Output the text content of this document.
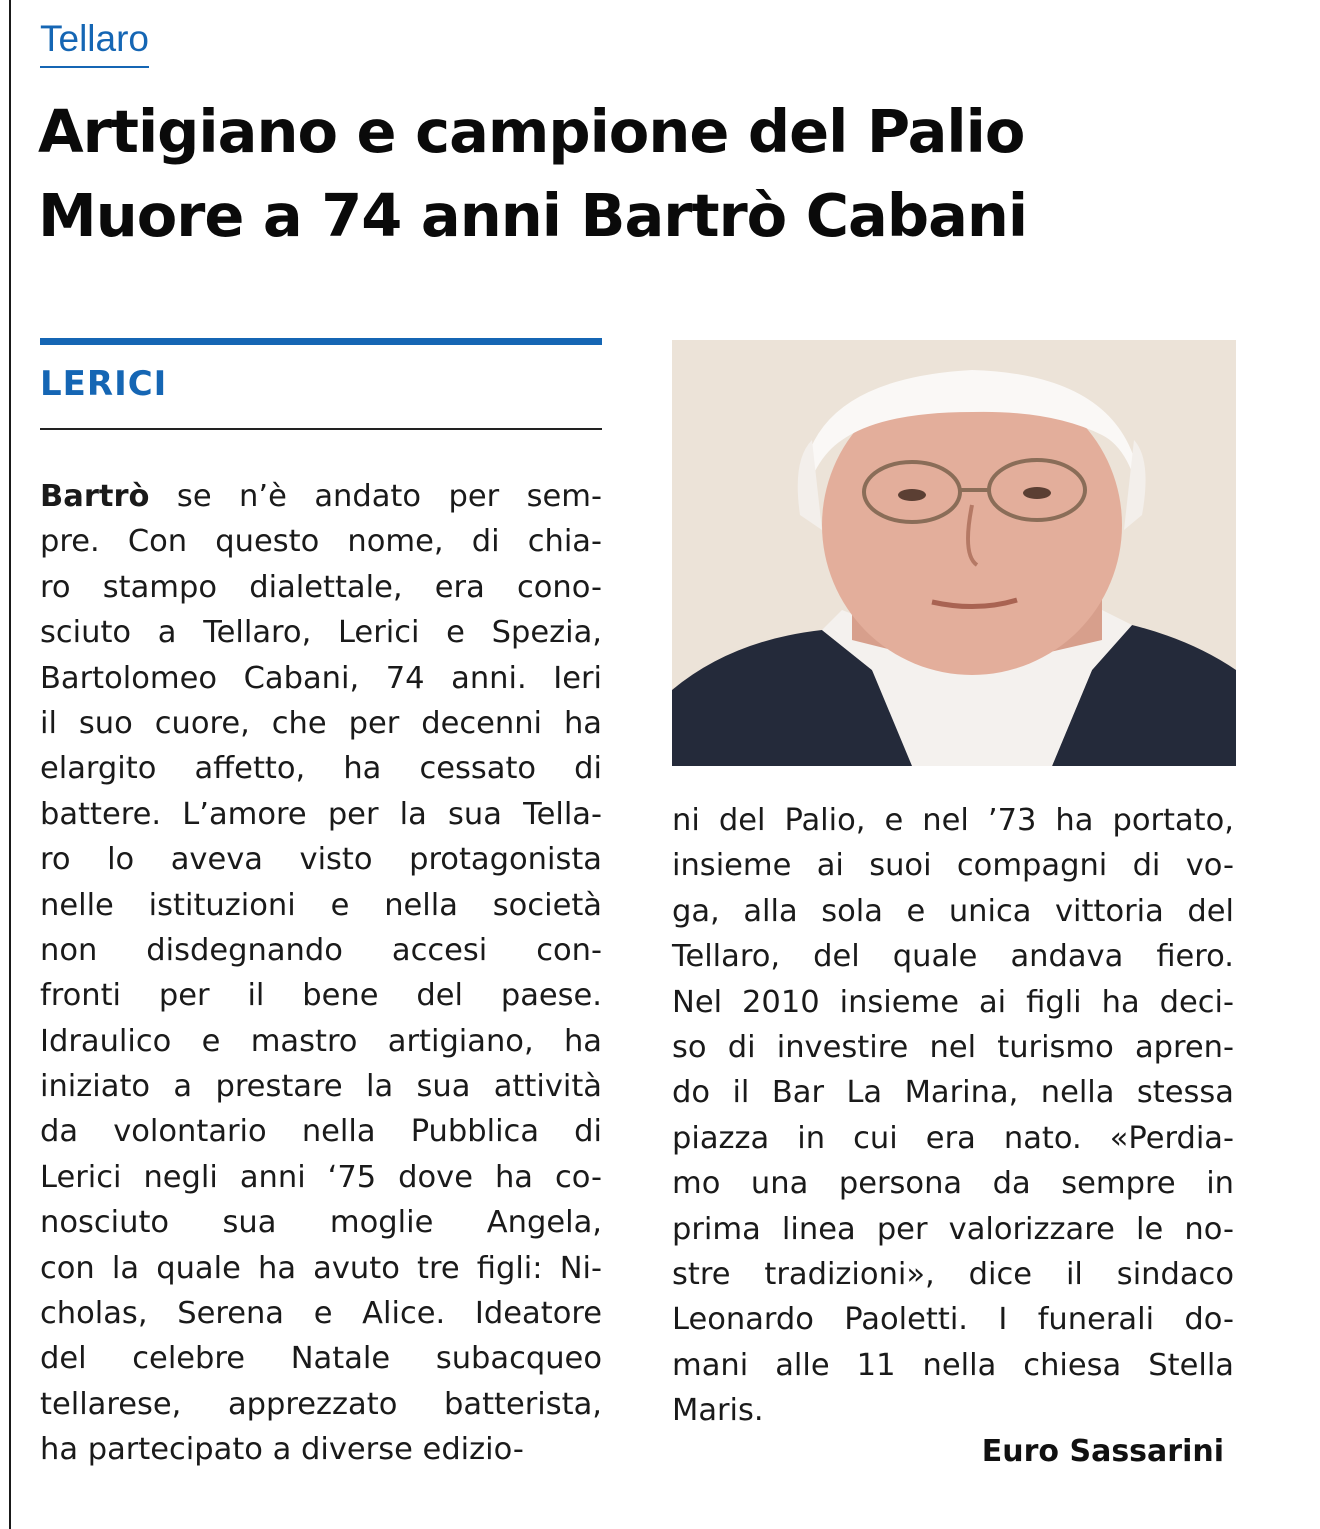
Tellaro
Artigiano e campione del Palio
Muore a 74 anni Bartrò Cabani
LERICI
Bartrò se n’è andato per sem-
pre. Con questo nome, di chia-
ro stampo dialettale, era cono-
sciuto a Tellaro, Lerici e Spezia,
Bartolomeo Cabani, 74 anni. Ieri
il suo cuore, che per decenni ha
elargito affetto, ha cessato di
battere. L’amore per la sua Tella-
ro lo aveva visto protagonista
nelle istituzioni e nella società
non disdegnando accesi con-
fronti per il bene del paese.
Idraulico e mastro artigiano, ha
iniziato a prestare la sua attività
da volontario nella Pubblica di
Lerici negli anni ‘75 dove ha co-
nosciuto sua moglie Angela,
con la quale ha avuto tre figli: Ni-
cholas, Serena e Alice. Ideatore
del celebre Natale subacqueo
tellarese, apprezzato batterista,
ha partecipato a diverse edizio-
ni del Palio, e nel ’73 ha portato,
insieme ai suoi compagni di vo-
ga, alla sola e unica vittoria del
Tellaro, del quale andava fiero.
Nel 2010 insieme ai figli ha deci-
so di investire nel turismo apren-
do il Bar La Marina, nella stessa
piazza in cui era nato. «Perdia-
mo una persona da sempre in
prima linea per valorizzare le no-
stre tradizioni», dice il sindaco
Leonardo Paoletti. I funerali do-
mani alle 11 nella chiesa Stella
Maris.
Euro Sassarini
